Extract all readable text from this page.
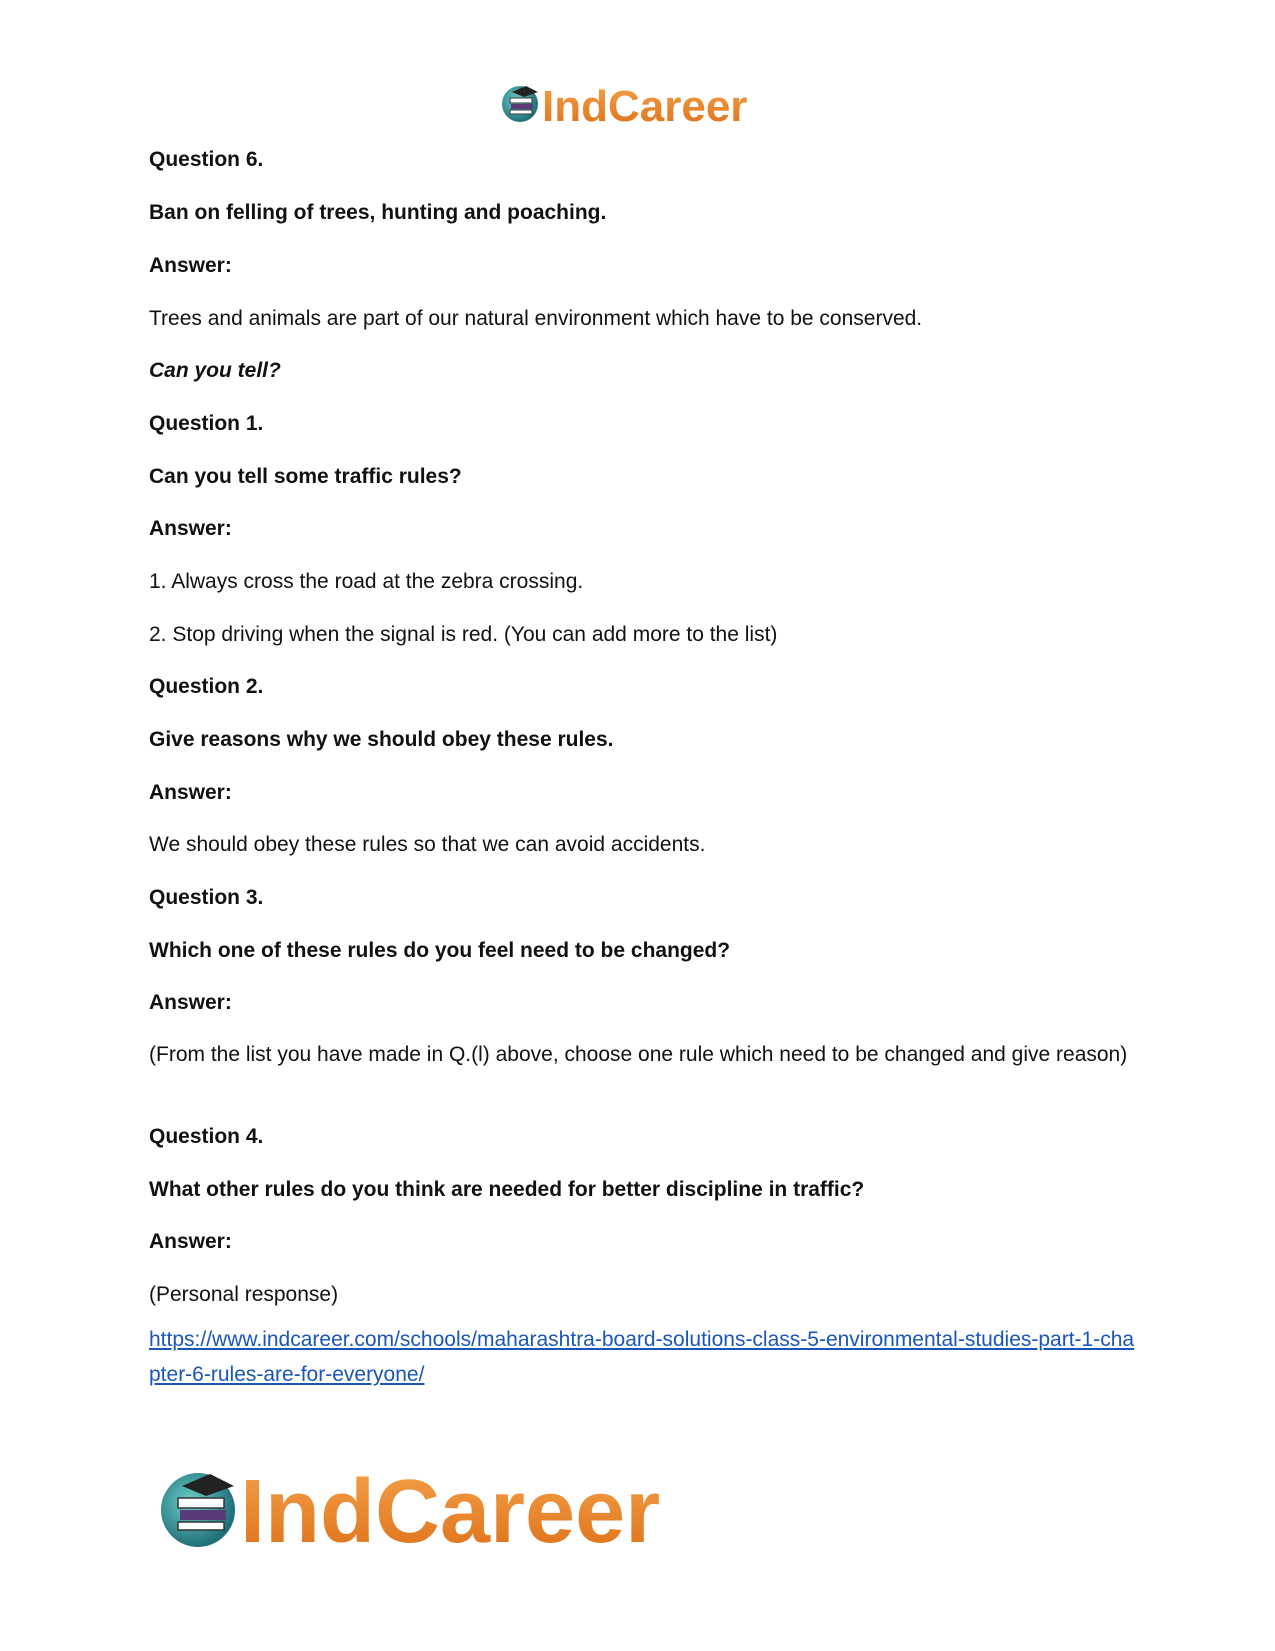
IndCareer

Question 6.

Ban on felling of trees, hunting and poaching.

Answer:

Trees and animals are part of our natural environment which have to be conserved.

Can you tell?

Question 1.

Can you tell some traffic rules?

Answer:

1. Always cross the road at the zebra crossing.

2. Stop driving when the signal is red. (You can add more to the list)

Question 2.

Give reasons why we should obey these rules.

Answer:

We should obey these rules so that we can avoid accidents.

Question 3.

Which one of these rules do you feel need to be changed?

Answer:

(From the list you have made in Q.(l) above, choose one rule which need to be changed and give reason)

Question 4.

What other rules do you think are needed for better discipline in traffic?

Answer:

(Personal response)

https://www.indcareer.com/schools/maharashtra-board-solutions-class-5-environmental-studies-part-1-chapter-6-rules-are-for-everyone/
IndCareer
